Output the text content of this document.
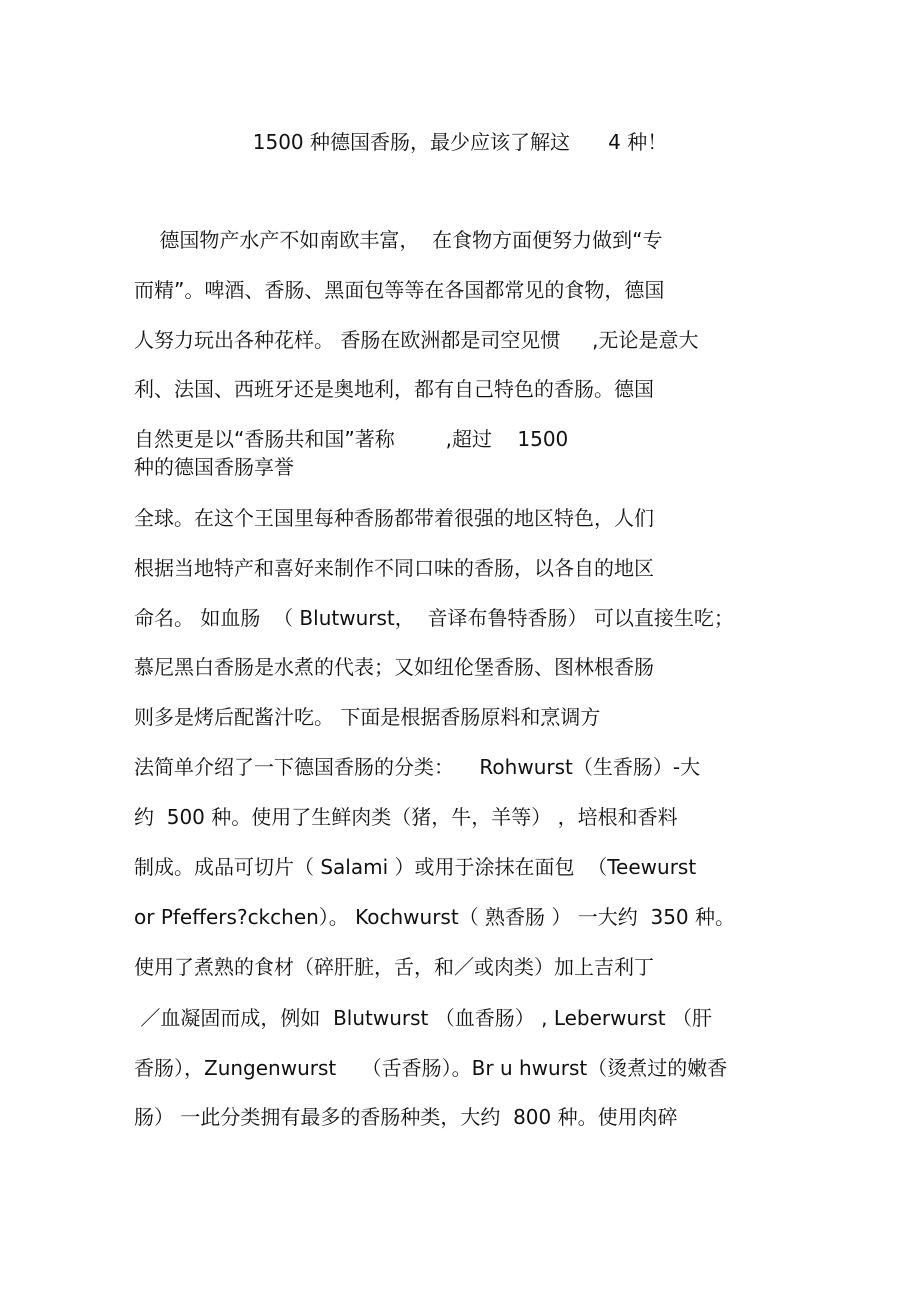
1500 种德国香肠，最少应该了解这      4 种！
德国物产水产不如南欧丰富，  在食物方面便努力做到“专
而精”。啤酒、香肠、黑面包等等在各国都常见的食物，德国
人努力玩出各种花样。 香肠在欧洲都是司空见惯     ,无论是意大
利、法国、西班牙还是奥地利，都有自己特色的香肠。德国
自然更是以“香肠共和国”著称        ,超过    1500
种的德国香肠享誉
全球。在这个王国里每种香肠都带着很强的地区特色，人们
根据当地特产和喜好来制作不同口味的香肠，以各自的地区
命名。 如血肠  （ Blutwurst，  音译布鲁特香肠） 可以直接生吃；
慕尼黑白香肠是水煮的代表；又如纽伦堡香肠、图林根香肠
则多是烤后配酱汁吃。 下面是根据香肠原料和烹调方
法简单介绍了一下德国香肠的分类：    Rohwurst（生香肠）-大
约  500 种。使用了生鲜肉类（猪，牛，羊等） ，培根和香料
制成。成品可切片（ Salami ）或用于涂抹在面包  （Teewurst
or Pfeffers?ckchen）。 Kochwurst（ 熟香肠 ） 一大约  350 种。
使用了煮熟的食材（碎肝脏，舌，和／或肉类）加上吉利丁
／血凝固而成，例如  Blutwurst （血香肠） , Leberwurst （肝
香肠），Zungenwurst    （舌香肠）。Br u hwurst（烫煮过的嫩香
肠） 一此分类拥有最多的香肠种类，大约  800 种。使用肉碎
